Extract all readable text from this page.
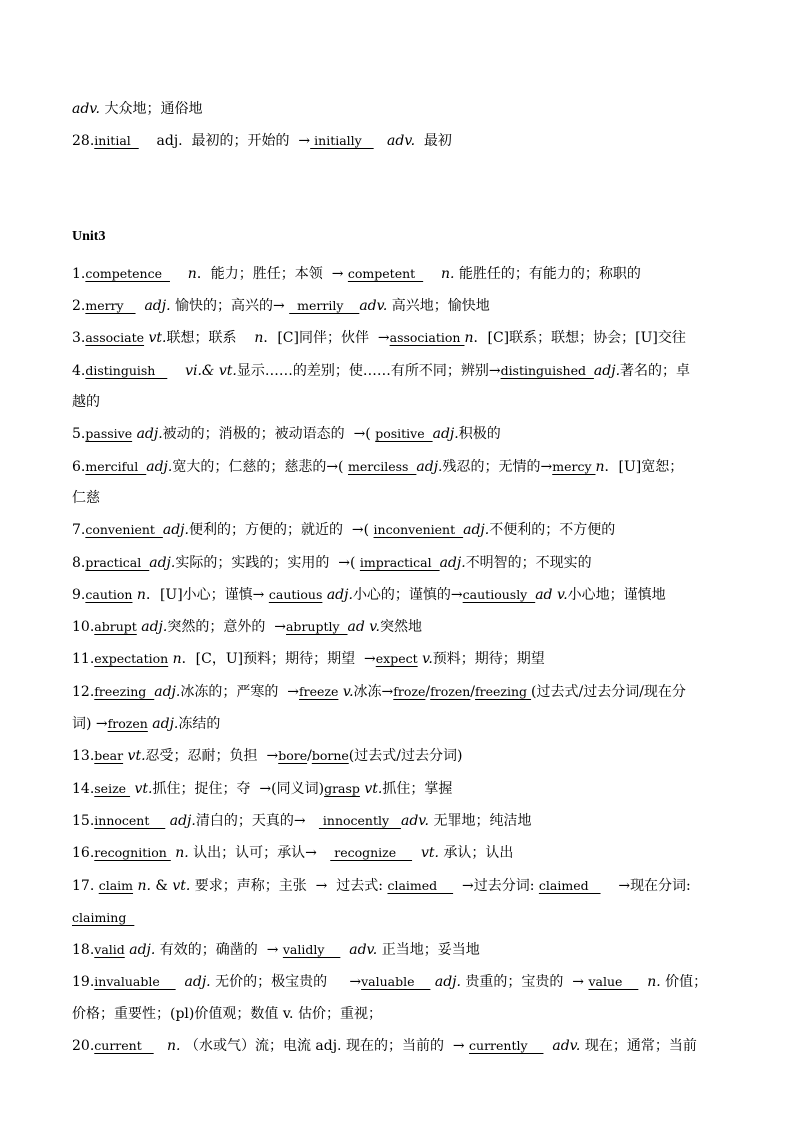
adv. 大众地；通俗地
28.initial      adj.  最初的；开始的  → initially      adv.  最初
Unit3
1.competence      n．能力；胜任；本领  → competent      n. 能胜任的；有能力的；称职的
2.merry     adj. 愉快的；高兴的→   merrily    adv. 高兴地；愉快地
3.associate vt.联想；联系    n．[C]同伴；伙伴  →association n．[C]联系；联想；协会；[U]交往
4.distinguish       vi.& vt.显示……的差别；使……有所不同；辨别→distinguished  adj.著名的；卓
越的
5.passive adj.被动的；消极的；被动语态的  →( positive  adj.积极的
6.merciful  adj.宽大的；仁慈的；慈悲的→( merciless  adj.残忍的；无情的→mercy n．[U]宽恕；
仁慈
7.convenient  adj.便利的；方便的；就近的  →( inconvenient  adj.不便利的；不方便的
8.practical  adj.实际的；实践的；实用的  →( impractical  adj.不明智的；不现实的
9.caution n．[U]小心；谨慎→ cautious adj.小心的；谨慎的→cautiously  ad v.小心地；谨慎地
10.abrupt adj.突然的；意外的  →abruptly  ad v.突然地
11.expectation n．[C，U]预料；期待；期望  →expect v.预料；期待；期望
12.freezing  adj.冰冻的；严寒的  →freeze v.冰冻→froze/frozen/freezing (过去式/过去分词/现在分
词) →frozen adj.冻结的
13.bear vt.忍受；忍耐；负担  →bore/borne(过去式/过去分词)
14.seize  vt.抓住；捉住；夺  →(同义词)grasp vt.抓住；掌握
15.innocent     adj.清白的；天真的→    innocently   adv. 无罪地；纯洁地
16.recognition  n. 认出；认可；承认→    recognize      vt. 承认；认出
17. claim n. & vt. 要求；声称；主张  →  过去式: claimed      →过去分词: claimed       →现在分词:
claiming
18.valid adj. 有效的；确凿的  → validly      adv. 正当地；妥当地
19.invaluable      adj. 无价的；极宝贵的     →valuable     adj. 贵重的；宝贵的  → value      n. 价值；
价格；重要性；(pl)价值观；数值 v. 估价；重视；
20.current      n. （水或气）流；电流 adj. 现在的；当前的  → currently      adv. 现在；通常；当前
